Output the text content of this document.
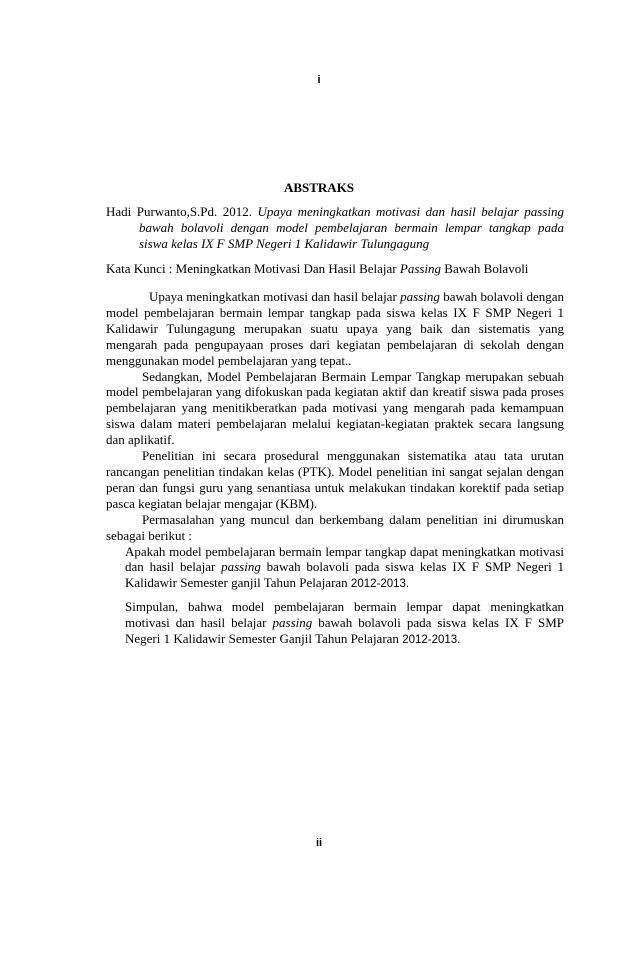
i
ABSTRAKS

Hadi Purwanto,S.Pd. 2012. Upaya meningkatkan motivasi dan hasil belajar passing bawah bolavoli dengan model pembelajaran bermain lempar tangkap pada siswa kelas IX F SMP Negeri 1 Kalidawir Tulungagung

Kata Kunci : Meningkatkan Motivasi Dan Hasil Belajar Passing Bawah Bolavoli

Upaya meningkatkan motivasi dan hasil belajar passing bawah bolavoli dengan model pembelajaran bermain lempar tangkap pada siswa kelas IX F SMP Negeri 1 Kalidawir Tulungagung merupakan suatu upaya yang baik dan sistematis yang mengarah pada pengupayaan proses dari kegiatan pembelajaran di sekolah dengan menggunakan model pembelajaran yang tepat..

Sedangkan, Model Pembelajaran Bermain Lempar Tangkap merupakan sebuah model pembelajaran yang difokuskan pada kegiatan aktif dan kreatif siswa pada proses pembelajaran yang menitikberatkan pada motivasi yang mengarah pada kemampuan siswa dalam materi pembelajaran melalui kegiatan-kegiatan praktek secara langsung dan aplikatif.

Penelitian ini secara prosedural menggunakan sistematika atau tata urutan rancangan penelitian tindakan kelas (PTK). Model penelitian ini sangat sejalan dengan peran dan fungsi guru yang senantiasa untuk melakukan tindakan korektif pada setiap pasca kegiatan belajar mengajar (KBM).

Permasalahan yang muncul dan berkembang dalam penelitian ini dirumuskan sebagai berikut :

Apakah model pembelajaran bermain lempar tangkap dapat meningkatkan motivasi dan hasil belajar passing bawah bolavoli pada siswa kelas IX F SMP Negeri 1 Kalidawir Semester ganjil Tahun Pelajaran 2012-2013.

Simpulan, bahwa model pembelajaran bermain lempar dapat meningkatkan motivasi dan hasil belajar passing bawah bolavoli pada siswa kelas IX F SMP Negeri 1 Kalidawir Semester Ganjil Tahun Pelajaran 2012-2013.

ii
